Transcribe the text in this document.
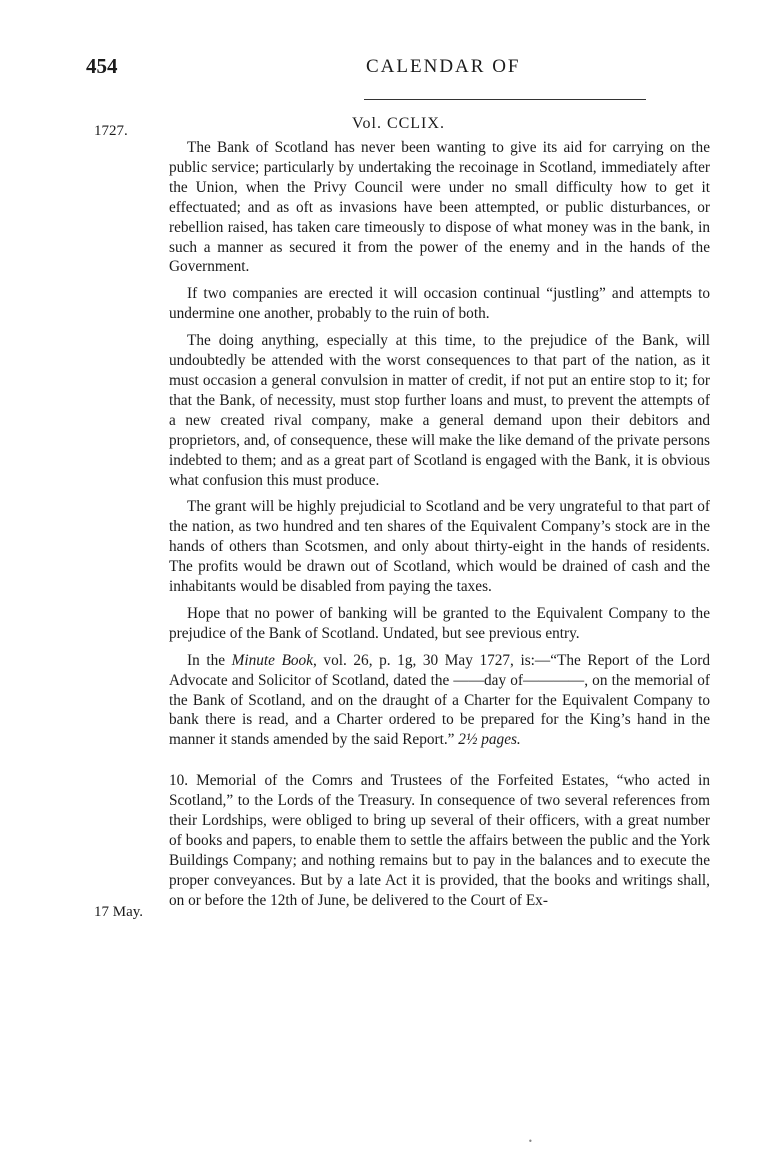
454	CALENDAR OF
1727.
17 May.
Vol. CCLIX.

The Bank of Scotland has never been wanting to give its aid for carrying on the public service; particularly by undertaking the recoinage in Scotland, immediately after the Union, when the Privy Council were under no small difficulty how to get it effectuated; and as oft as invasions have been attempted, or public disturbances, or rebellion raised, has taken care timeously to dispose of what money was in the bank, in such a manner as secured it from the power of the enemy and in the hands of the Government.

If two companies are erected it will occasion continual “justling” and attempts to undermine one another, probably to the ruin of both.

The doing anything, especially at this time, to the prejudice of the Bank, will undoubtedly be attended with the worst consequences to that part of the nation, as it must occasion a general convulsion in matter of credit, if not put an entire stop to it; for that the Bank, of necessity, must stop further loans and must, to prevent the attempts of a new created rival company, make a general demand upon their debitors and proprietors, and, of consequence, these will make the like demand of the private persons indebted to them; and as a great part of Scotland is engaged with the Bank, it is obvious what confusion this must produce.

The grant will be highly prejudicial to Scotland and be very ungrateful to that part of the nation, as two hundred and ten shares of the Equivalent Company’s stock are in the hands of others than Scotsmen, and only about thirty-eight in the hands of residents. The profits would be drawn out of Scotland, which would be drained of cash and the inhabitants would be disabled from paying the taxes.

Hope that no power of banking will be granted to the Equivalent Company to the prejudice of the Bank of Scotland. Undated, but see previous entry.

In the Minute Book, vol. 26, p. 1g, 30 May 1727, is:—“The Report of the Lord Advocate and Solicitor of Scotland, dated the ——day of————, on the memorial of the Bank of Scotland, and on the draught of a Charter for the Equivalent Company to bank there is read, and a Charter ordered to be prepared for the King’s hand in the manner it stands amended by the said Report.” 2½ pages.

10. Memorial of the Comrs and Trustees of the Forfeited Estates, “who acted in Scotland,” to the Lords of the Treasury. In consequence of two several references from their Lordships, were obliged to bring up several of their officers, with a great number of books and papers, to enable them to settle the affairs between the public and the York Buildings Company; and nothing remains but to pay in the balances and to execute the proper conveyances. But by a late Act it is provided, that the books and writings shall, on or before the 12th of June, be delivered to the Court of Ex-

•
